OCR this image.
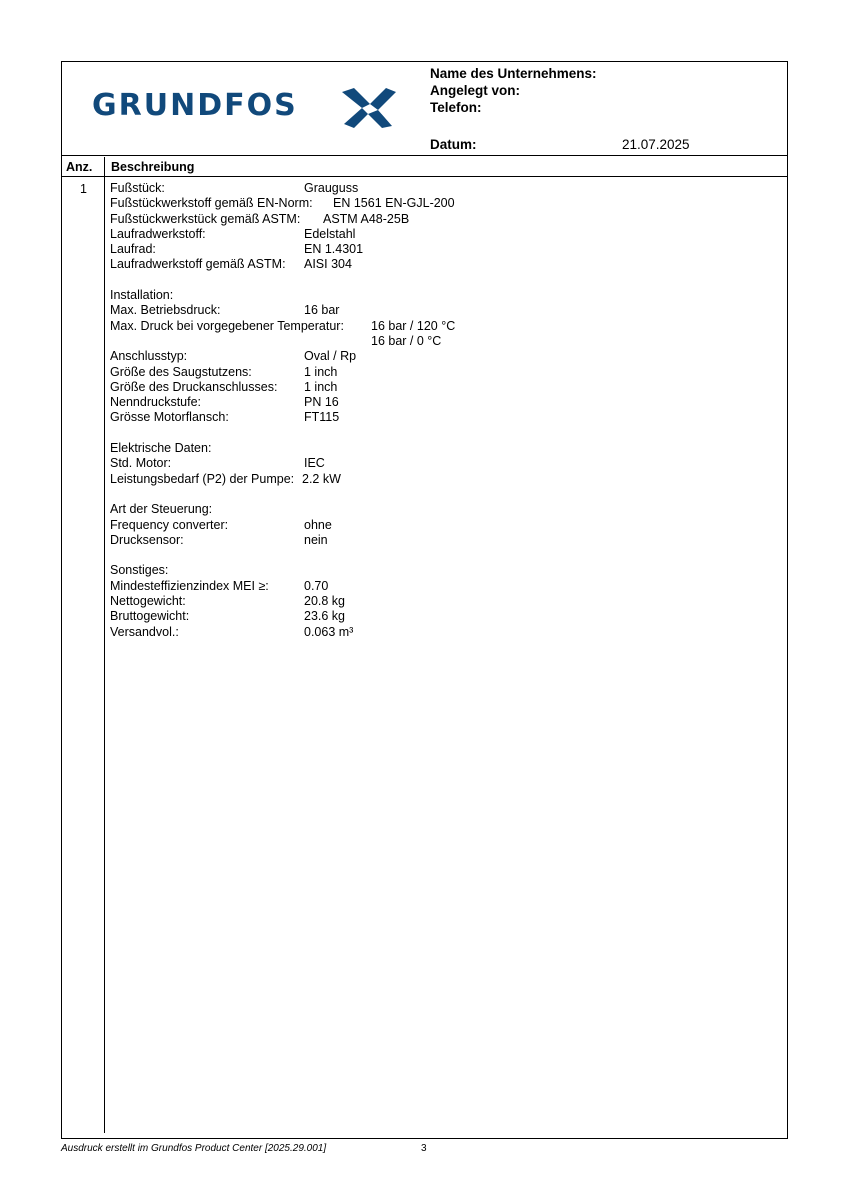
GRUNDFOS
Name des Unternehmens:
Angelegt von:
Telefon:
Datum:	21.07.2025
Anz. Beschreibung
1 Fußstück:	Grauguss
Fußstückwerkstoff gemäß EN-Norm: EN 1561 EN-GJL-200
Fußstückwerkstück gemäß ASTM: ASTM A48-25B
Laufradwerkstoff:	Edelstahl
Laufrad:	EN 1.4301
Laufradwerkstoff gemäß ASTM: AISI 304
Installation:
Max. Betriebsdruck:	16 bar
Max. Druck bei vorgegebener Temperatur: 16 bar / 120 °C
16 bar / 0 °C
Anschlusstyp:	Oval / Rp
Größe des Saugstutzens:	1 inch
Größe des Druckanschlusses: 1 inch
Nenndruckstufe:	PN 16
Grösse Motorflansch:	FT115
Elektrische Daten:
Std. Motor:	IEC
Leistungsbedarf (P2) der Pumpe: 2.2 kW
Art der Steuerung:
Frequency converter:	ohne
Drucksensor:	nein
Sonstiges:
Mindesteffizienzindex MEI ≥:	0.70
Nettogewicht:	20.8 kg
Bruttogewicht:	23.6 kg
Versandvol.:	0.063 m³
Ausdruck erstellt im Grundfos Product Center [2025.29.001]	3
